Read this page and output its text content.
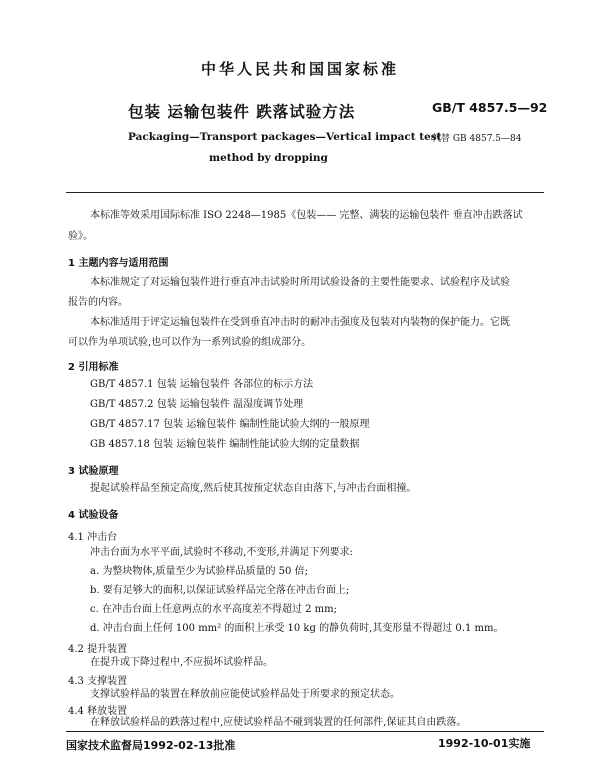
中华人民共和国国家标准
包装 运输包装件 跌落试验方法	GB/T 4857.5—92
Packaging—Transport packages—Vertical impact test
代替 GB 4857.5—84
method by dropping
本标准等效采用国际标准 ISO 2248—1985《包装—— 完整、满装的运输包装件 垂直冲击跌落试
验》。
1 主题内容与适用范围
本标准规定了对运输包装件进行垂直冲击试验时所用试验设备的主要性能要求、试验程序及试验
报告的内容。
本标准适用于评定运输包装件在受到垂直冲击时的耐冲击强度及包装对内装物的保护能力。它既
可以作为单项试验,也可以作为一系列试验的组成部分。
2 引用标准
GB/T 4857.1 包装 运输包装件 各部位的标示方法
GB/T 4857.2 包装 运输包装件 温湿度调节处理
GB/T 4857.17 包装 运输包装件 编制性能试验大纲的一般原理
GB 4857.18 包装 运输包装件 编制性能试验大纲的定量数据
3 试验原理
提起试验样品至预定高度,然后使其按预定状态自由落下,与冲击台面相撞。
4 试验设备
4.1 冲击台
冲击台面为水平平面,试验时不移动,不变形,并满足下列要求:
a. 为整块物体,质量至少为试验样品质量的 50 倍;
b. 要有足够大的面积,以保证试验样品完全落在冲击台面上;
c. 在冲击台面上任意两点的水平高度差不得超过 2 mm;
d. 冲击台面上任何 100 mm² 的面积上承受 10 kg 的静负荷时,其变形量不得超过 0.1 mm。
4.2 提升装置
在提升或下降过程中,不应损坏试验样品。
4.3 支撑装置
支撑试验样品的装置在释放前应能使试验样品处于所要求的预定状态。
4.4 释放装置
国家技术监督局1992-02-13批准	1992-10-01实施
在释放试验样品的跌落过程中,应使试验样品不碰到装置的任何部件,保证其自由跌落。
